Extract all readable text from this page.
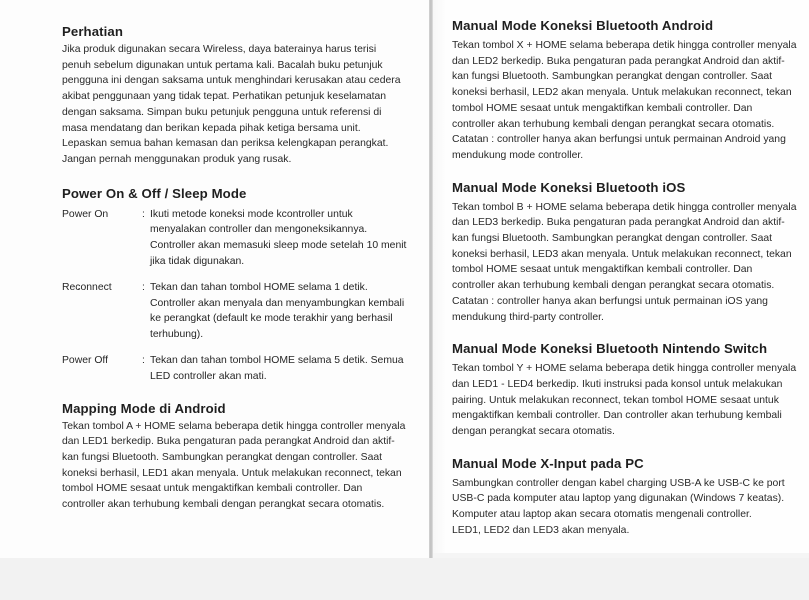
Perhatian

Jika produk digunakan secara Wireless, daya baterainya harus terisi
penuh sebelum digunakan untuk pertama kali. Bacalah buku petunjuk
pengguna ini dengan saksama untuk menghindari kerusakan atau cedera
akibat penggunaan yang tidak tepat. Perhatikan petunjuk keselamatan
dengan saksama. Simpan buku petunjuk pengguna untuk referensi di
masa mendatang dan berikan kepada pihak ketiga bersama unit.
Lepaskan semua bahan kemasan dan periksa kelengkapan perangkat.
Jangan pernah menggunakan produk yang rusak.

Power On & Off / Sleep Mode
Power On	: Ikuti metode koneksi mode kcontroller untuk
menyalakan controller dan mengoneksikannya.
Controller akan memasuki sleep mode setelah 10 menit
jika tidak digunakan.
Reconnect	: Tekan dan tahan tombol HOME selama 1 detik.
Controller akan menyala dan menyambungkan kembali
ke perangkat (default ke mode terakhir yang berhasil
terhubung).
Power Off	: Tekan dan tahan tombol HOME selama 5 detik. Semua
LED controller akan mati.
Mapping Mode di Android

Tekan tombol A + HOME selama beberapa detik hingga controller menyala
dan LED1 berkedip. Buka pengaturan pada perangkat Android dan aktif-
kan fungsi Bluetooth. Sambungkan perangkat dengan controller. Saat
koneksi berhasil, LED1 akan menyala. Untuk melakukan reconnect, tekan
tombol HOME sesaat untuk mengaktifkan kembali controller. Dan
controller akan terhubung kembali dengan perangkat secara otomatis.

Manual Mode Koneksi Bluetooth Android

Tekan tombol X + HOME selama beberapa detik hingga controller menyala
dan LED2 berkedip. Buka pengaturan pada perangkat Android dan aktif-
kan fungsi Bluetooth. Sambungkan perangkat dengan controller. Saat
koneksi berhasil, LED2 akan menyala. Untuk melakukan reconnect, tekan
tombol HOME sesaat untuk mengaktifkan kembali controller. Dan
controller akan terhubung kembali dengan perangkat secara otomatis.
Catatan : controller hanya akan berfungsi untuk permainan Android yang
mendukung mode controller.

Manual Mode Koneksi Bluetooth iOS

Tekan tombol B + HOME selama beberapa detik hingga controller menyala
dan LED3 berkedip. Buka pengaturan pada perangkat Android dan aktif-
kan fungsi Bluetooth. Sambungkan perangkat dengan controller. Saat
koneksi berhasil, LED3 akan menyala. Untuk melakukan reconnect, tekan
tombol HOME sesaat untuk mengaktifkan kembali controller. Dan
controller akan terhubung kembali dengan perangkat secara otomatis.
Catatan : controller hanya akan berfungsi untuk permainan iOS yang
mendukung third-party controller.

Manual Mode Koneksi Bluetooth Nintendo Switch

Tekan tombol Y + HOME selama beberapa detik hingga controller menyala
dan LED1 - LED4 berkedip. Ikuti instruksi pada konsol untuk melakukan
pairing. Untuk melakukan reconnect, tekan tombol HOME sesaat untuk
mengaktifkan kembali controller. Dan controller akan terhubung kembali
dengan perangkat secara otomatis.

Manual Mode X-Input pada PC

Sambungkan controller dengan kabel charging USB-A ke USB-C ke port
USB-C pada komputer atau laptop yang digunakan (Windows 7 keatas).
Komputer atau laptop akan secara otomatis mengenali controller.
LED1, LED2 dan LED3 akan menyala.
